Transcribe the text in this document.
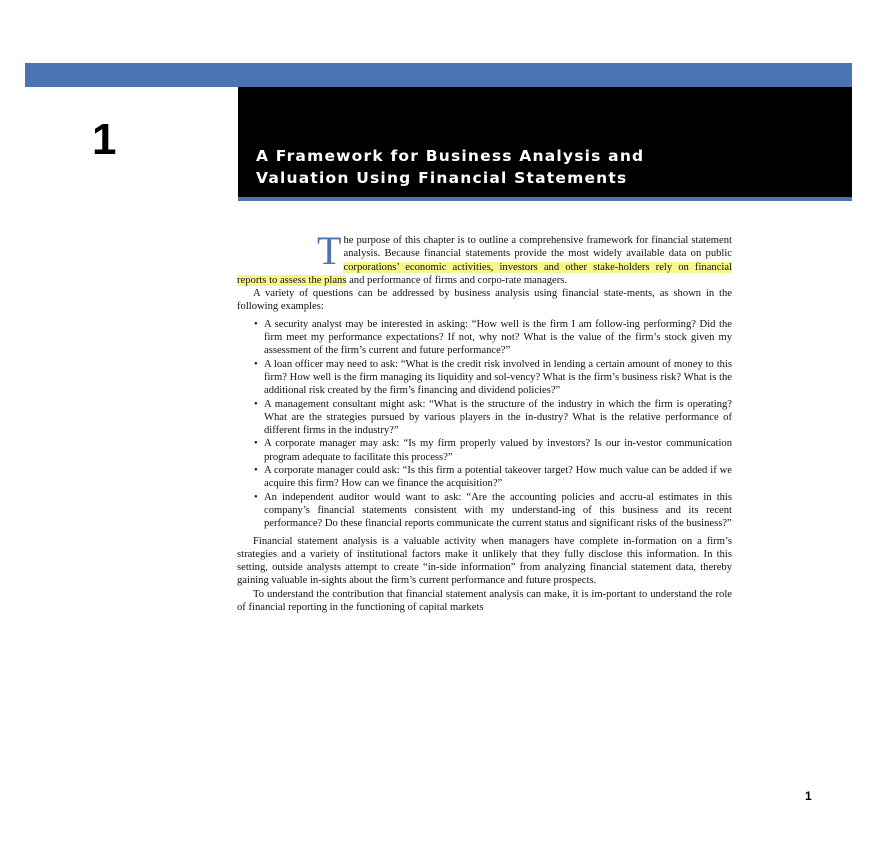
1	A Framework for Business Analysis and
Valuation Using Financial Statements

The purpose of this chapter is to outline a comprehensive framework for financial statement analysis. Because financial statements provide the most widely available data on public corporations’ economic activities, investors and other stake-holders rely on financial reports to assess the plans and performance of firms and corpo-rate managers.

A variety of questions can be addressed by business analysis using financial state-ments, as shown in the following examples:

• A security analyst may be interested in asking: “How well is the firm I am follow-ing performing? Did the firm meet my performance expectations? If not, why not? What is the value of the firm’s stock given my assessment of the firm’s current and future performance?”
• A loan officer may need to ask: “What is the credit risk involved in lending a certain amount of money to this firm? How well is the firm managing its liquidity and sol-vency? What is the firm’s business risk? What is the additional risk created by the firm’s financing and dividend policies?”
• A management consultant might ask: “What is the structure of the industry in which the firm is operating? What are the strategies pursued by various players in the in-dustry? What is the relative performance of different firms in the industry?”
• A corporate manager may ask: “Is my firm properly valued by investors? Is our in-vestor communication program adequate to facilitate this process?”
• A corporate manager could ask: “Is this firm a potential takeover target? How much value can be added if we acquire this firm? How can we finance the acquisition?”
• An independent auditor would want to ask: “Are the accounting policies and accru-al estimates in this company’s financial statements consistent with my understand-ing of this business and its recent performance? Do these financial reports communicate the current status and significant risks of the business?”

Financial statement analysis is a valuable activity when managers have complete in-formation on a firm’s strategies and a variety of institutional factors make it unlikely that they fully disclose this information. In this setting, outside analysts attempt to create “in-side information” from analyzing financial statement data, thereby gaining valuable in-sights about the firm’s current performance and future prospects.

To understand the contribution that financial statement analysis can make, it is im-portant to understand the role of financial reporting in the functioning of capital markets

1
